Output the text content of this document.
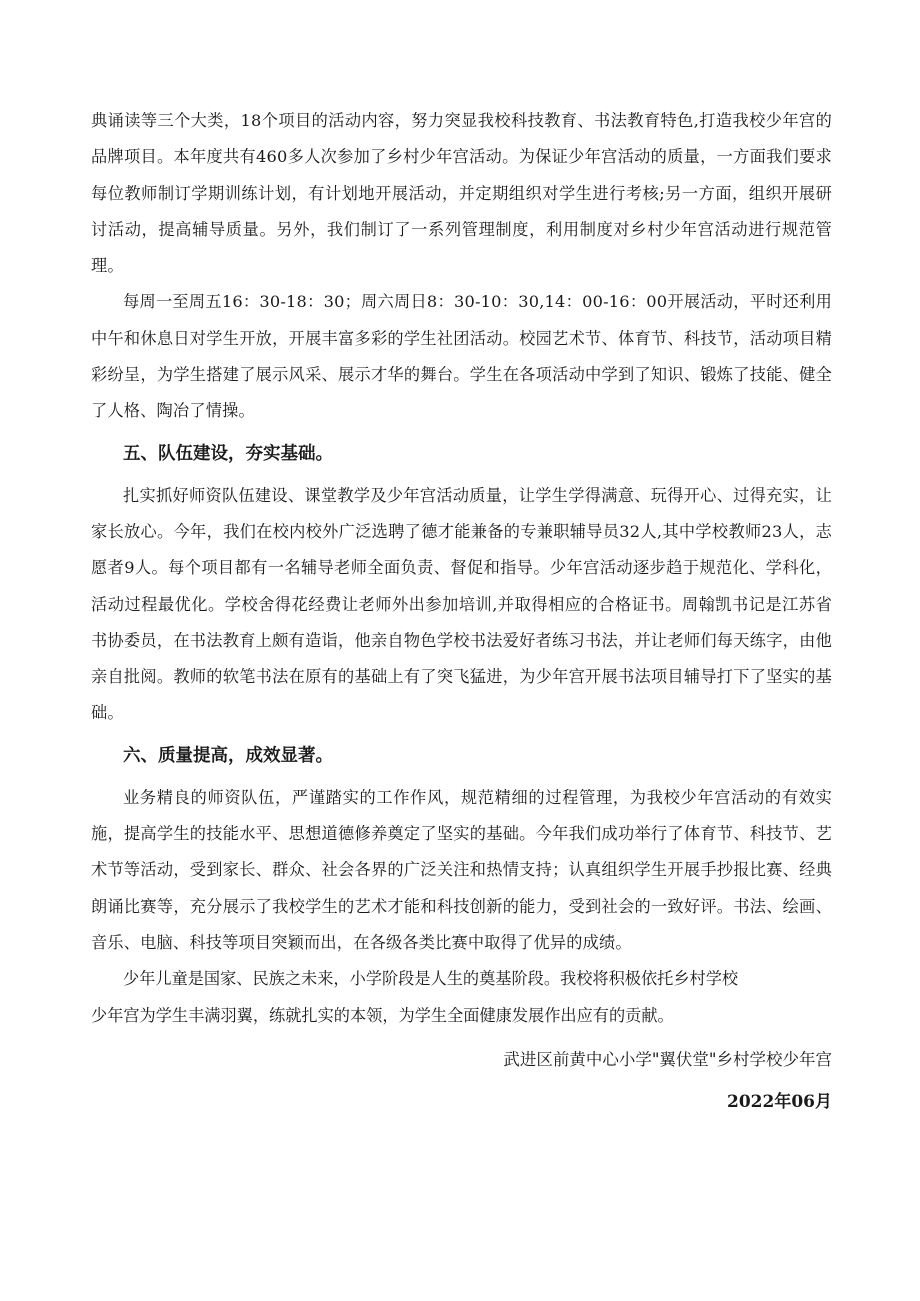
典诵读等三个大类，18个项目的活动内容，努力突显我校科技教育、书法教育特色,打造我校少年宫的品牌项目。本年度共有460多人次参加了乡村少年宫活动。为保证少年宫活动的质量，一方面我们要求每位教师制订学期训练计划，有计划地开展活动，并定期组织对学生进行考核;另一方面，组织开展研讨活动，提高辅导质量。另外，我们制订了一系列管理制度，利用制度对乡村少年宫活动进行规范管理。

每周一至周五16：30-18：30；周六周日8：30-10：30,14：00-16：00开展活动，平时还利用中午和休息日对学生开放，开展丰富多彩的学生社团活动。校园艺术节、体育节、科技节，活动项目精彩纷呈，为学生搭建了展示风采、展示才华的舞台。学生在各项活动中学到了知识、锻炼了技能、健全了人格、陶冶了情操。

五、队伍建设，夯实基础。

扎实抓好师资队伍建设、课堂教学及少年宫活动质量，让学生学得满意、玩得开心、过得充实，让家长放心。今年，我们在校内校外广泛选聘了德才能兼备的专兼职辅导员32人,其中学校教师23人，志愿者9人。每个项目都有一名辅导老师全面负责、督促和指导。少年宫活动逐步趋于规范化、学科化，活动过程最优化。学校舍得花经费让老师外出参加培训,并取得相应的合格证书。周翰凯书记是江苏省书协委员，在书法教育上颇有造诣，他亲自物色学校书法爱好者练习书法，并让老师们每天练字，由他亲自批阅。教师的软笔书法在原有的基础上有了突飞猛进，为少年宫开展书法项目辅导打下了坚实的基础。

六、质量提高，成效显著。

业务精良的师资队伍，严谨踏实的工作作风，规范精细的过程管理，为我校少年宫活动的有效实施，提高学生的技能水平、思想道德修养奠定了坚实的基础。今年我们成功举行了体育节、科技节、艺术节等活动，受到家长、群众、社会各界的广泛关注和热情支持；认真组织学生开展手抄报比赛、经典朗诵比赛等，充分展示了我校学生的艺术才能和科技创新的能力，受到社会的一致好评。书法、绘画、音乐、电脑、科技等项目突颖而出，在各级各类比赛中取得了优异的成绩。

少年儿童是国家、民族之未来，小学阶段是人生的奠基阶段。我校将积极依托乡村学校
少年宫为学生丰满羽翼，练就扎实的本领，为学生全面健康发展作出应有的贡献。
武进区前黄中心小学"翼伏堂"乡村学校少年宫
2022年06月
